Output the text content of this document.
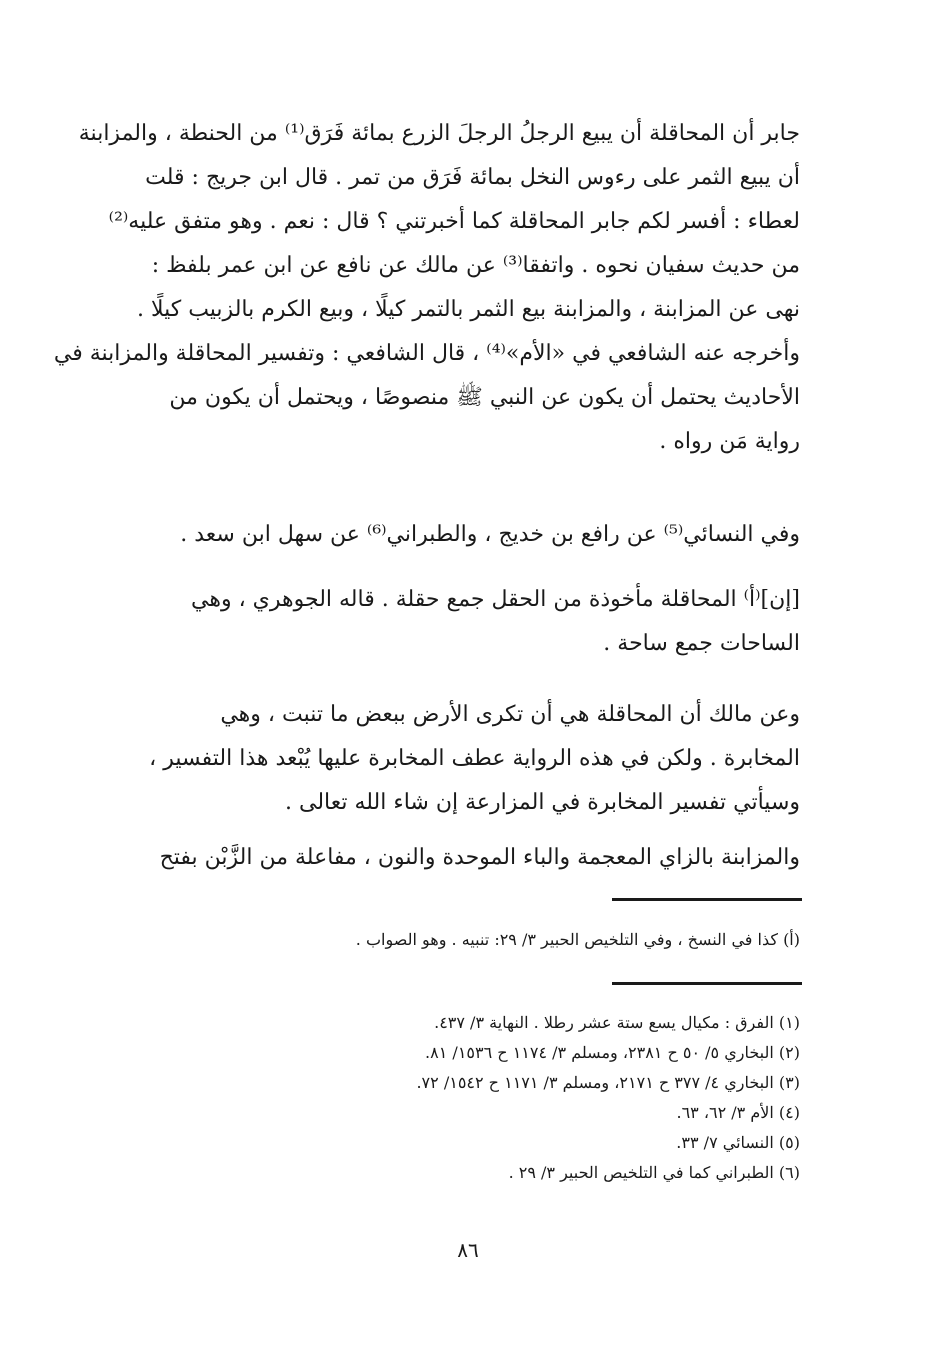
جابر أن المحاقلة أن يبيع الرجلُ الرجلَ الزرع بمائة فَرَق⁽¹⁾ من الحنطة ، والمزابنة
أن يبيع الثمر على رءوس النخل بمائة فَرَق من تمر . قال ابن جريج : قلت
لعطاء : أفسر لكم جابر المحاقلة كما أخبرتني ؟ قال : نعم . وهو متفق عليه⁽²⁾
من حديث سفيان نحوه . واتفقا⁽³⁾ عن مالك عن نافع عن ابن عمر بلفظ :
نهى عن المزابنة ، والمزابنة بيع الثمر بالتمر كيلًا ، وبيع الكرم بالزبيب كيلًا .
وأخرجه عنه الشافعي في «الأم»⁽⁴⁾ ، قال الشافعي : وتفسير المحاقلة والمزابنة في
الأحاديث يحتمل أن يكون عن النبي ﷺ منصوصًا ، ويحتمل أن يكون من
رواية مَن رواه .
وفي النسائي⁽⁵⁾ عن رافع بن خديج ، والطبراني⁽⁶⁾ عن سهل ابن سعد .
[إن]⁽أ⁾ المحاقلة مأخوذة من الحقل جمع حقلة . قاله الجوهري ، وهي
الساحات جمع ساحة .
وعن مالك أن المحاقلة هي أن تكرى الأرض ببعض ما تنبت ، وهي
المخابرة . ولكن في هذه الرواية عطف المخابرة عليها يُبْعد هذا التفسير ،
وسيأتي تفسير المخابرة في المزارعة إن شاء الله تعالى .
والمزابنة بالزاي المعجمة والباء الموحدة والنون ، مفاعلة من الزَّبْن بفتح
(أ) كذا في النسخ ، وفي التلخيص الحبير ٣/ ٢٩: تنبيه . وهو الصواب .
(١) الفرق : مكيال يسع ستة عشر رطلا . النهاية ٣/ ٤٣٧.
(٢) البخاري ٥/ ٥٠ ح ٢٣٨١، ومسلم ٣/ ١١٧٤ ح ١٥٣٦/ ٨١.
(٣) البخاري ٤/ ٣٧٧ ح ٢١٧١، ومسلم ٣/ ١١٧١ ح ١٥٤٢/ ٧٢.
(٤) الأم ٣/ ٦٢، ٦٣.
(٥) النسائي ٧/ ٣٣.
(٦) الطبراني كما في التلخيص الحبير ٣/ ٢٩ .
٨٦
